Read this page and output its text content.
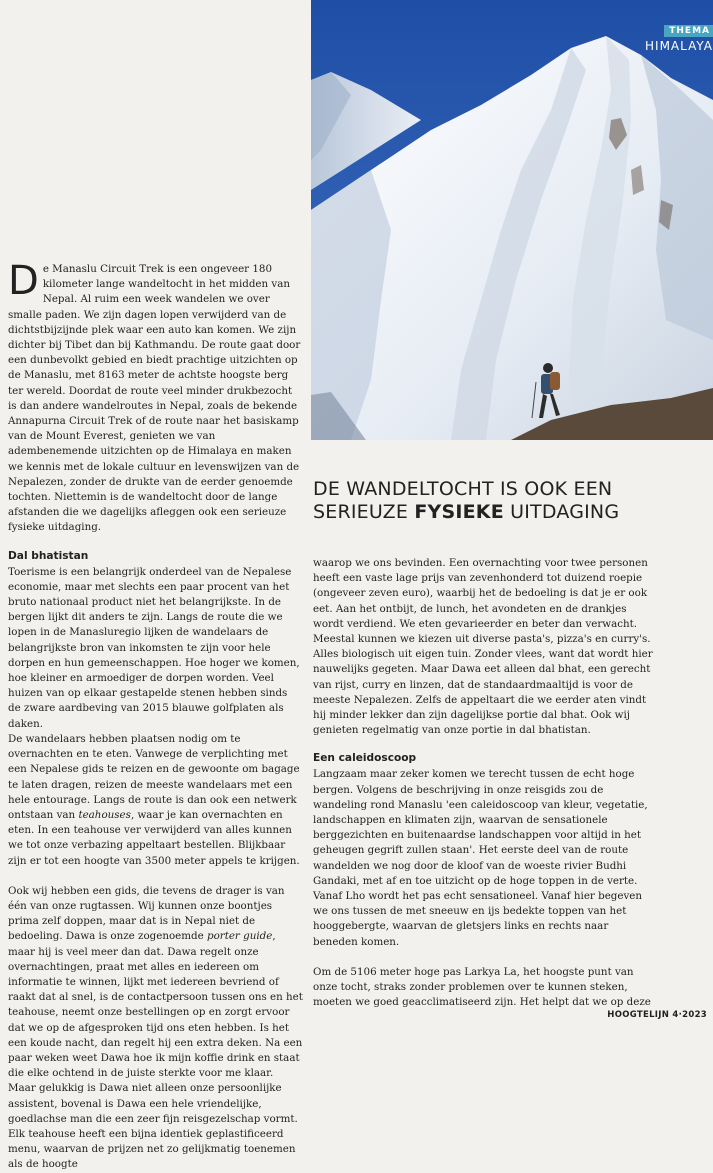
THEMA
HIMALAYA

De Manaslu Circuit Trek is een ongeveer 180 kilometer lange wandeltocht in het midden van Nepal. Al ruim een week wandelen we over smalle paden. We zijn dagen lopen verwijderd van de dichtstbijzijnde plek waar een auto kan komen. We zijn dichter bij Tibet dan bij Kathmandu. De route gaat door een dunbevolkt gebied en biedt prachtige uitzichten op de Manaslu, met 8163 meter de achtste hoogste berg ter wereld. Doordat de route veel minder drukbezocht is dan andere wandelroutes in Nepal, zoals de bekende Annapurna Circuit Trek of de route naar het basiskamp van de Mount Everest, genieten we van adembenemende uitzichten op de Himalaya en maken we kennis met de lokale cultuur en levenswijzen van de Nepalezen, zonder de drukte van de eerder genoemde tochten. Niettemin is de wandeltocht door de lange afstanden die we dagelijks afleggen ook een serieuze fysieke uitdaging.

Dal bhatistan

Toerisme is een belangrijk onderdeel van de Nepalese economie, maar met slechts een paar procent van het bruto nationaal product niet het belangrijkste. In de bergen lijkt dit anders te zijn. Langs de route die we lopen in de Manasluregio lijken de wandelaars de belangrijkste bron van inkomsten te zijn voor hele dorpen en hun gemeenschappen. Hoe hoger we komen, hoe kleiner en armoediger de dorpen worden. Veel huizen van op elkaar gestapelde stenen hebben sinds de zware aardbeving van 2015 blauwe golfplaten als daken.

De wandelaars hebben plaatsen nodig om te overnachten en te eten. Vanwege de verplichting met een Nepalese gids te reizen en de gewoonte om bagage te laten dragen, reizen de meeste wandelaars met een hele entourage. Langs de route is dan ook een netwerk ontstaan van teahouses, waar je kan overnachten en eten. In een teahouse ver verwijderd van alles kunnen we tot onze verbazing appeltaart bestellen. Blijkbaar zijn er tot een hoogte van 3500 meter appels te krijgen.

Ook wij hebben een gids, die tevens de drager is van één van onze rugtassen. Wij kunnen onze boontjes prima zelf doppen, maar dat is in Nepal niet de bedoeling. Dawa is onze zogenoemde porter guide, maar hij is veel meer dan dat. Dawa regelt onze overnachtingen, praat met alles en iedereen om informatie te winnen, lijkt met iedereen bevriend of raakt dat al snel, is de contactpersoon tussen ons en het teahouse, neemt onze bestellingen op en zorgt ervoor dat we op de afgesproken tijd ons eten hebben. Is het een koude nacht, dan regelt hij een extra deken. Na een paar weken weet Dawa hoe ik mijn koffie drink en staat die elke ochtend in de juiste sterkte voor me klaar. Maar gelukkig is Dawa niet alleen onze persoonlijke assistent, bovenal is Dawa een hele vriendelijke, goedlachse man die een zeer fijn reisgezelschap vormt.

Elk teahouse heeft een bijna identiek geplastificeerd menu, waarvan de prijzen net zo gelijkmatig toenemen als de hoogte

DE WANDELTOCHT IS OOK EEN
SERIEUZE FYSIEKE UITDAGING

waarop we ons bevinden. Een overnachting voor twee personen heeft een vaste lage prijs van zevenhonderd tot duizend roepie (ongeveer zeven euro), waarbij het de bedoeling is dat je er ook eet. Aan het ontbijt, de lunch, het avondeten en de drankjes wordt verdiend. We eten gevarieerder en beter dan verwacht. Meestal kunnen we kiezen uit diverse pasta's, pizza's en curry's. Alles biologisch uit eigen tuin. Zonder vlees, want dat wordt hier nauwelijks gegeten. Maar Dawa eet alleen dal bhat, een gerecht van rijst, curry en linzen, dat de standaardmaaltijd is voor de meeste Nepalezen. Zelfs de appeltaart die we eerder aten vindt hij minder lekker dan zijn dagelijkse portie dal bhat. Ook wij genieten regelmatig van onze portie in dal bhatistan.

Een caleidoscoop

Langzaam maar zeker komen we terecht tussen de echt hoge bergen. Volgens de beschrijving in onze reisgids zou de wandeling rond Manaslu 'een caleidoscoop van kleur, vegetatie, landschappen en klimaten zijn, waarvan de sensationele berggezichten en buitenaardse landschappen voor altijd in het geheugen gegrift zullen staan'. Het eerste deel van de route wandelden we nog door de kloof van de woeste rivier Budhi Gandaki, met af en toe uitzicht op de hoge toppen in de verte. Vanaf Lho wordt het pas echt sensationeel. Vanaf hier begeven we ons tussen de met sneeuw en ijs bedekte toppen van het hooggebergte, waarvan de gletsjers links en rechts naar beneden komen.

Om de 5106 meter hoge pas Larkya La, het hoogste punt van onze tocht, straks zonder problemen over te kunnen steken, moeten we goed geacclimatiseerd zijn. Het helpt dat we op deze

HOOGTELIJN 4·2023
